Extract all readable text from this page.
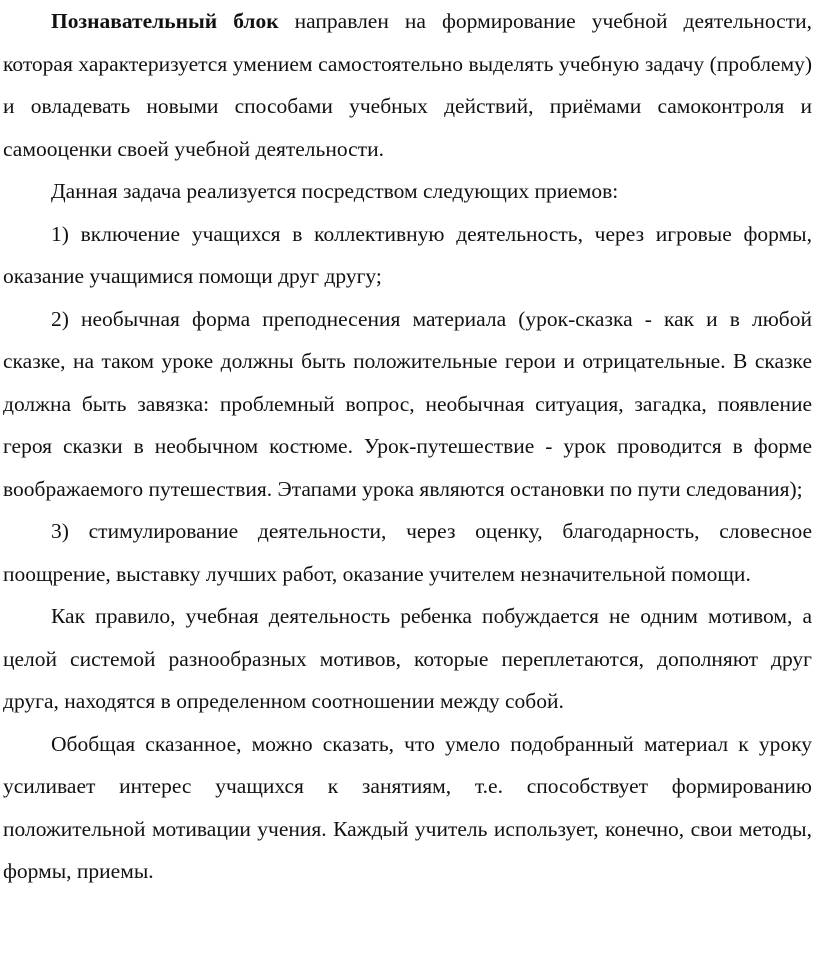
Познавательный блок направлен на формирование учебной деятельности, которая характеризуется умением самостоятельно выделять учебную задачу (проблему) и овладевать новыми способами учебных действий, приёмами самоконтроля и самооценки своей учебной деятельности.

Данная задача реализуется посредством следующих приемов:

1) включение учащихся в коллективную деятельность, через игровые формы, оказание учащимися помощи друг другу;

2) необычная форма преподнесения материала (урок-сказка - как и в любой сказке, на таком уроке должны быть положительные герои и отрицательные. В сказке должна быть завязка: проблемный вопрос, необычная ситуация, загадка, появление героя сказки в необычном костюме. Урок-путешествие - урок проводится в форме воображаемого путешествия. Этапами урока являются остановки по пути следования);

3) стимулирование деятельности, через оценку, благодарность, словесное поощрение, выставку лучших работ, оказание учителем незначительной помощи.

Как правило, учебная деятельность ребенка побуждается не одним мотивом, а целой системой разнообразных мотивов, которые переплетаются, дополняют друг друга, находятся в определенном соотношении между собой.

Обобщая сказанное, можно сказать, что умело подобранный материал к уроку усиливает интерес учащихся к занятиям, т.е. способствует формированию положительной мотивации учения. Каждый учитель использует, конечно, свои методы, формы, приемы.
